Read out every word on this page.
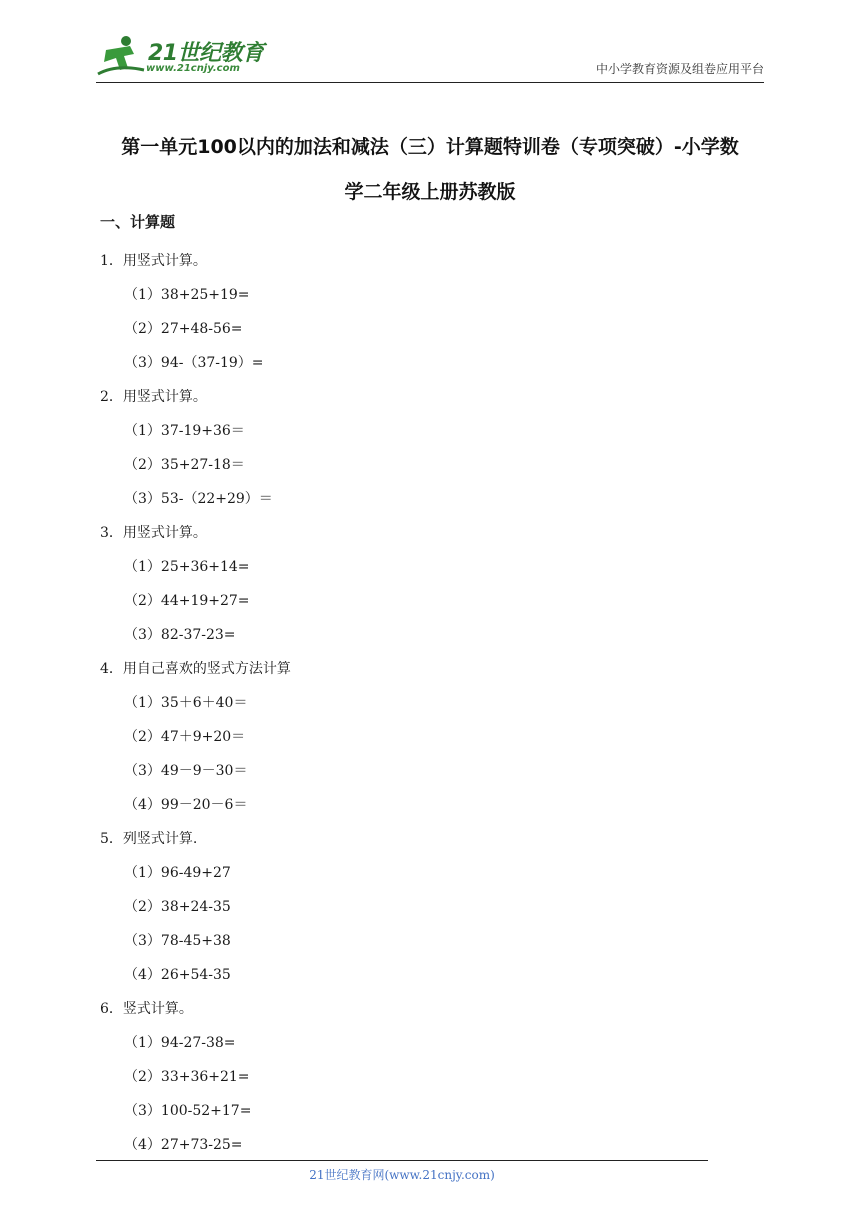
21世纪教育
www.21cnjy.com	中小学教育资源及组卷应用平台
第一单元100以内的加法和减法（三）计算题特训卷（专项突破）-小学数
学二年级上册苏教版
一、计算题
1．用竖式计算。
（1）38+25+19=
（2）27+48-56=
（3）94-（37-19）=
2．用竖式计算。
（1）37-19+36＝
（2）35+27-18＝
（3）53-（22+29）＝
3．用竖式计算。
（1）25+36+14=
（2）44+19+27=
（3）82-37-23=
4．用自己喜欢的竖式方法计算
（1）35＋6＋40＝
（2）47＋9+20＝
（3）49－9－30＝
（4）99－20－6＝
5．列竖式计算.
（1）96-49+27
（2）38+24-35
（3）78-45+38
（4）26+54-35
6．竖式计算。
（1）94-27-38=
（2）33+36+21=
（3）100-52+17=
（4）27+73-25=
21世纪教育网(www.21cnjy.com)
